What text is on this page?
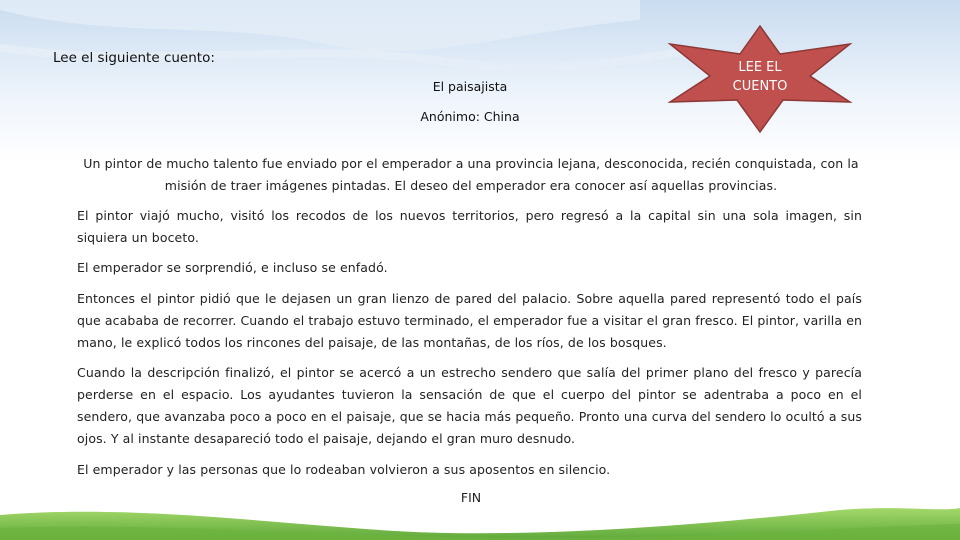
Lee el siguiente cuento:
LEE EL
CUENTO
El paisajista
Anónimo: China
Un pintor de mucho talento fue enviado por el emperador a una provincia lejana, desconocida, recién conquistada, con la misión de traer imágenes pintadas. El deseo del emperador era conocer así aquellas provincias.
El pintor viajó mucho, visitó los recodos de los nuevos territorios, pero regresó a la capital sin una sola imagen, sin siquiera un boceto.
El emperador se sorprendió, e incluso se enfadó.
Entonces el pintor pidió que le dejasen un gran lienzo de pared del palacio. Sobre aquella pared representó todo el país que acababa de recorrer. Cuando el trabajo estuvo terminado, el emperador fue a visitar el gran fresco. El pintor, varilla en mano, le explicó todos los rincones del paisaje, de las montañas, de los ríos, de los bosques.
Cuando la descripción finalizó, el pintor se acercó a un estrecho sendero que salía del primer plano del fresco y parecía perderse en el espacio. Los ayudantes tuvieron la sensación de que el cuerpo del pintor se adentraba a poco en el sendero, que avanzaba poco a poco en el paisaje, que se hacia más pequeño. Pronto una curva del sendero lo ocultó a sus ojos. Y al instante desapareció todo el paisaje, dejando el gran muro desnudo.
El emperador y las personas que lo rodeaban volvieron a sus aposentos en silencio.
FIN
